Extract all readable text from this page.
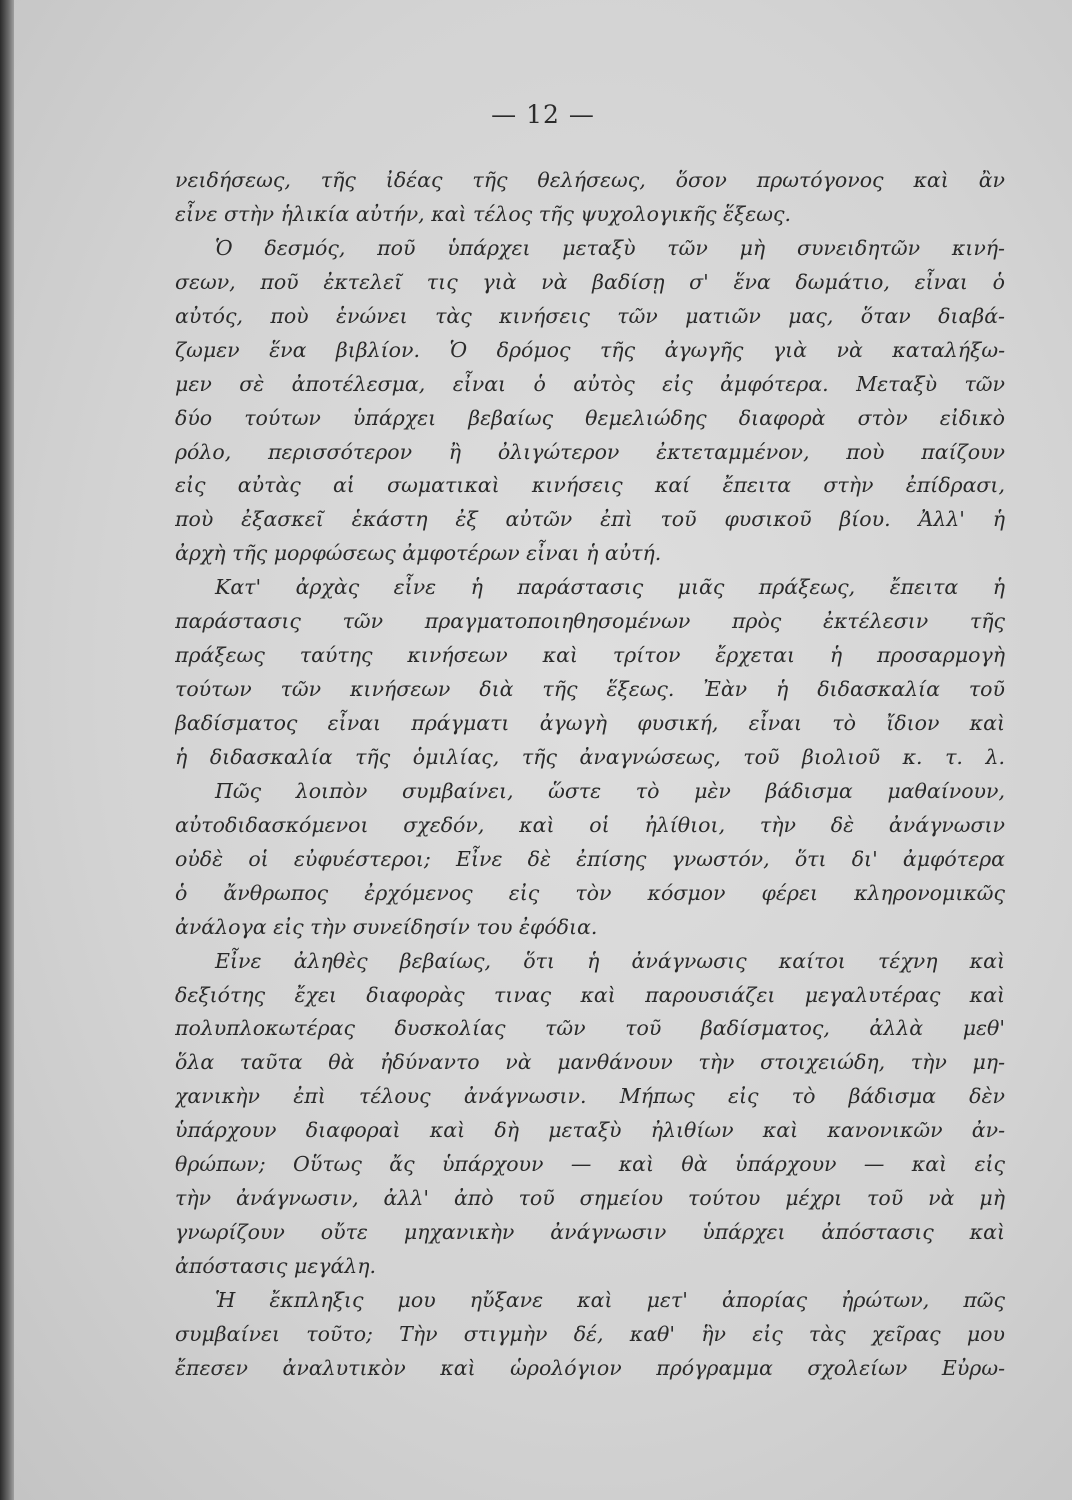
— 12 —
νειδήσεως, τῆς ἰδέας τῆς θελήσεως, ὅσον πρωτόγονος καὶ ἂν
εἶνε στὴν ἡλικία αὐτήν, καὶ τέλος τῆς ψυχολογικῆς ἕξεως.
Ὁ δεσμός, ποῦ ὑπάρχει μεταξὺ τῶν μὴ συνειδητῶν κινή-
σεων, ποῦ ἐκτελεῖ τις γιὰ νὰ βαδίσῃ σ' ἕνα δωμάτιο, εἶναι ὁ
αὐτός, ποὺ ἑνώνει τὰς κινήσεις τῶν ματιῶν μας, ὅταν διαβά-
ζωμεν ἕνα βιβλίον. Ὁ δρόμος τῆς ἀγωγῆς γιὰ νὰ καταλήξω-
μεν σὲ ἀποτέλεσμα, εἶναι ὁ αὐτὸς εἰς ἀμφότερα. Μεταξὺ τῶν
δύο τούτων ὑπάρχει βεβαίως θεμελιώδης διαφορὰ στὸν εἰδικὸ
ρόλο, περισσότερον ἢ ὀλιγώτερον ἐκτεταμμένον, ποὺ παίζουν
εἰς αὐτὰς αἱ σωματικαὶ κινήσεις καί ἔπειτα στὴν ἐπίδρασι,
ποὺ ἐξασκεῖ ἑκάστη ἐξ αὐτῶν ἐπὶ τοῦ φυσικοῦ βίου. Ἀλλ' ἡ
ἀρχὴ τῆς μορφώσεως ἀμφοτέρων εἶναι ἡ αὐτή.
Κατ' ἀρχὰς εἶνε ἡ παράστασις μιᾶς πράξεως, ἔπειτα ἡ
παράστασις τῶν πραγματοποιηθησομένων πρὸς ἐκτέλεσιν τῆς
πράξεως ταύτης κινήσεων καὶ τρίτον ἔρχεται ἡ προσαρμογὴ
τούτων τῶν κινήσεων διὰ τῆς ἕξεως. Ἐὰν ἡ διδασκαλία τοῦ
βαδίσματος εἶναι πράγματι ἀγωγὴ φυσική, εἶναι τὸ ἴδιον καὶ
ἡ διδασκαλία τῆς ὁμιλίας, τῆς ἀναγνώσεως, τοῦ βιολιοῦ κ. τ. λ.
Πῶς λοιπὸν συμβαίνει, ὥστε τὸ μὲν βάδισμα μαθαίνουν,
αὐτοδιδασκόμενοι σχεδόν, καὶ οἱ ἠλίθιοι, τὴν δὲ ἀνάγνωσιν
οὐδὲ οἱ εὐφυέστεροι; Εἶνε δὲ ἐπίσης γνωστόν, ὅτι δι' ἀμφότερα
ὁ ἄνθρωπος ἐρχόμενος εἰς τὸν κόσμον φέρει κληρονομικῶς
ἀνάλογα εἰς τὴν συνείδησίν του ἐφόδια.
Εἶνε ἀληθὲς βεβαίως, ὅτι ἡ ἀνάγνωσις καίτοι τέχνη καὶ
δεξιότης ἔχει διαφορὰς τινας καὶ παρουσιάζει μεγαλυτέρας καὶ
πολυπλοκωτέρας δυσκολίας τῶν τοῦ βαδίσματος, ἀλλὰ μεθ'
ὅλα ταῦτα θὰ ἠδύναντο νὰ μανθάνουν τὴν στοιχειώδη, τὴν μη-
χανικὴν ἐπὶ τέλους ἀνάγνωσιν. Μήπως εἰς τὸ βάδισμα δὲν
ὑπάρχουν διαφοραὶ καὶ δὴ μεταξὺ ἠλιθίων καὶ κανονικῶν ἀν-
θρώπων; Οὕτως ἄς ὑπάρχουν — καὶ θὰ ὑπάρχουν — καὶ εἰς
τὴν ἀνάγνωσιν, ἀλλ' ἀπὸ τοῦ σημείου τούτου μέχρι τοῦ νὰ μὴ
γνωρίζουν οὔτε μηχανικὴν ἀνάγνωσιν ὑπάρχει ἀπόστασις καὶ
ἀπόστασις μεγάλη.
Ἡ ἔκπληξις μου ηὔξανε καὶ μετ' ἀπορίας ἠρώτων, πῶς
συμβαίνει τοῦτο; Τὴν στιγμὴν δέ, καθ' ἣν εἰς τὰς χεῖρας μου
ἔπεσεν ἀναλυτικὸν καὶ ὡρολόγιον πρόγραμμα σχολείων Εὐρω-
